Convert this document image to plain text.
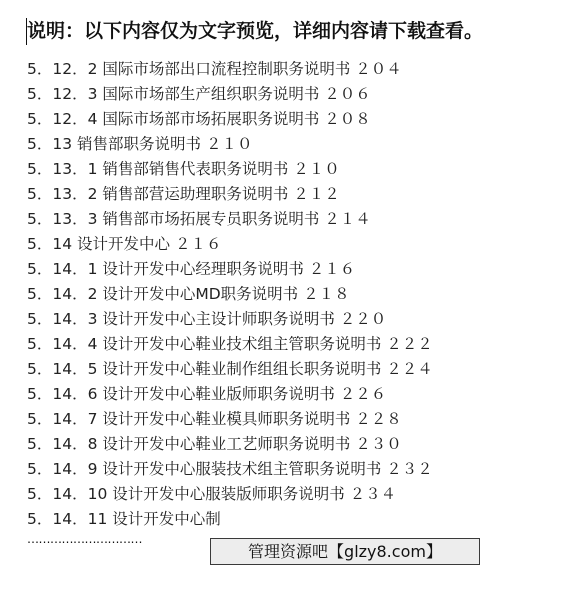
说明：以下内容仅为文字预览，详细内容请下载查看。
5．12．2 国际市场部出口流程控制职务说明书 ２０４
5．12．3 国际市场部生产组织职务说明书 ２０６
5．12．4 国际市场部市场拓展职务说明书 ２０８
5．13 销售部职务说明书 ２１０
5．13．1 销售部销售代表职务说明书 ２１０
5．13．2 销售部营运助理职务说明书 ２１２
5．13．3 销售部市场拓展专员职务说明书 ２１４
5．14 设计开发中心 ２１６
5．14．1 设计开发中心经理职务说明书 ２１６
5．14．2 设计开发中心MD职务说明书 ２１８
5．14．3 设计开发中心主设计师职务说明书 ２２０
5．14．4 设计开发中心鞋业技术组主管职务说明书 ２２２
5．14．5 设计开发中心鞋业制作组组长职务说明书 ２２４
5．14．6 设计开发中心鞋业版师职务说明书 ２２６
5．14．7 设计开发中心鞋业模具师职务说明书 ２２８
5．14．8 设计开发中心鞋业工艺师职务说明书 ２３０
5．14．9 设计开发中心服装技术组主管职务说明书 ２３２
5．14．10 设计开发中心服装版师职务说明书 ２３４
5．14．11 设计开发中心制
…………………………
管理资源吧【glzy8.com】
